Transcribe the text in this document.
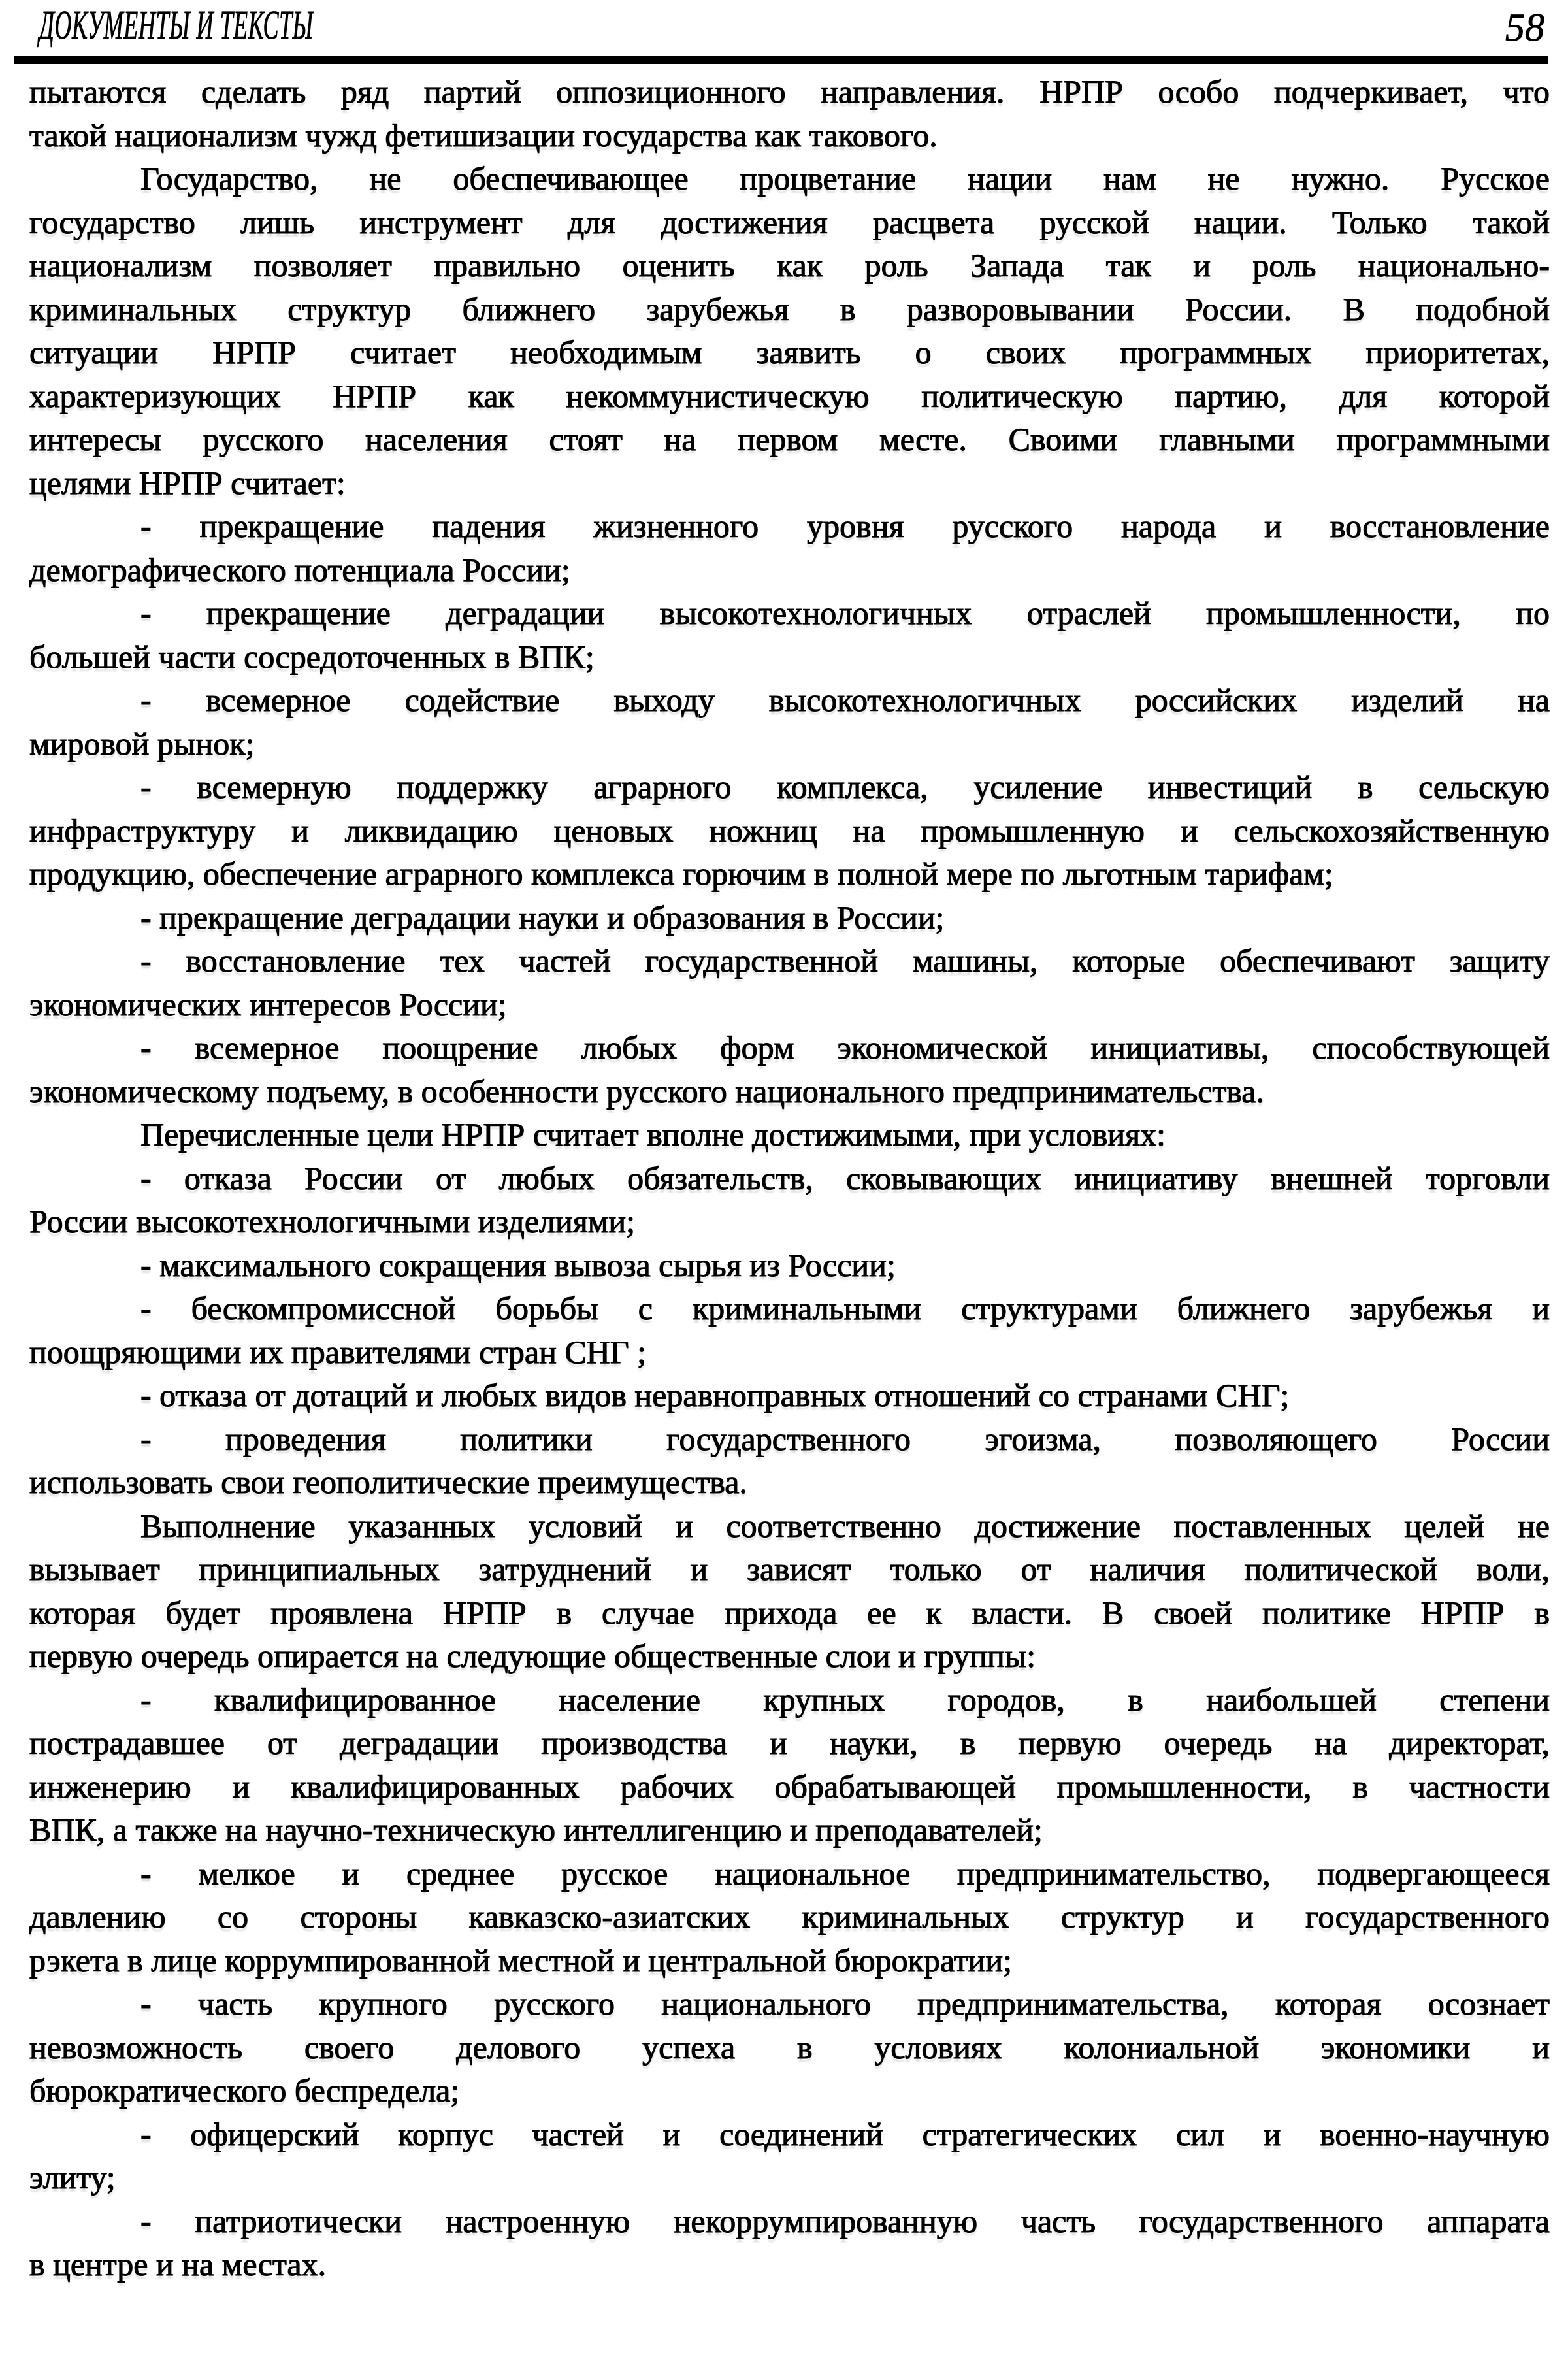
ДОКУМЕНТЫ И ТЕКСТЫ	58
пытаются сделать ряд партий оппозиционного направления. НРПР особо подчеркивает, что
такой национализм чужд фетишизации государства как такового.
Государство, не обеспечивающее процветание нации нам не нужно. Русское
государство лишь инструмент для достижения расцвета русской нации. Только такой
национализм позволяет правильно оценить как роль Запада так и роль национально-
криминальных структур ближнего зарубежья в разворовывании России. В подобной
ситуации НРПР считает необходимым заявить о своих программных приоритетах,
характеризующих НРПР как некоммунистическую политическую партию, для которой
интересы русского населения стоят на первом месте. Своими главными программными
целями НРПР считает:
- прекращение падения жизненного уровня русского народа и восстановление
демографического потенциала России;
- прекращение деградации высокотехнологичных отраслей промышленности, по
большей части сосредоточенных в ВПК;
- всемерное содействие выходу высокотехнологичных российских изделий на
мировой рынок;
- всемерную поддержку аграрного комплекса, усиление инвестиций в сельскую
инфраструктуру и ликвидацию ценовых ножниц на промышленную и сельскохозяйственную
продукцию, обеспечение аграрного комплекса горючим в полной мере по льготным тарифам;
- прекращение деградации науки и образования в России;
- восстановление тех частей государственной машины, которые обеспечивают защиту
экономических интересов России;
- всемерное поощрение любых форм экономической инициативы, способствующей
экономическому подъему, в особенности русского национального предпринимательства.
Перечисленные цели НРПР считает вполне достижимыми, при условиях:
- отказа России от любых обязательств, сковывающих инициативу внешней торговли
России высокотехнологичными изделиями;
- максимального сокращения вывоза сырья из России;
- бескомпромиссной борьбы с криминальными структурами ближнего зарубежья и
поощряющими их правителями стран СНГ ;
- отказа от дотаций и любых видов неравноправных отношений со странами СНГ;
- проведения политики государственного эгоизма, позволяющего России
использовать свои геополитические преимущества.
Выполнение указанных условий и соответственно достижение поставленных целей не
вызывает принципиальных затруднений и зависят только от наличия политической воли,
которая будет проявлена НРПР в случае прихода ее к власти. В своей политике НРПР в
первую очередь опирается на следующие общественные слои и группы:
- квалифицированное население крупных городов, в наибольшей степени
пострадавшее от деградации производства и науки, в первую очередь на директорат,
инженерию и квалифицированных рабочих обрабатывающей промышленности, в частности
ВПК, а также на научно-техническую интеллигенцию и преподавателей;
- мелкое и среднее русское национальное предпринимательство, подвергающееся
давлению со стороны кавказско-азиатских криминальных структур и государственного
рэкета в лице коррумпированной местной и центральной бюрократии;
- часть крупного русского национального предпринимательства, которая осознает
невозможность своего делового успеха в условиях колониальной экономики и
бюрократического беспредела;
- офицерский корпус частей и соединений стратегических сил и военно-научную
элиту;
- патриотически настроенную некоррумпированную часть государственного аппарата
в центре и на местах.
